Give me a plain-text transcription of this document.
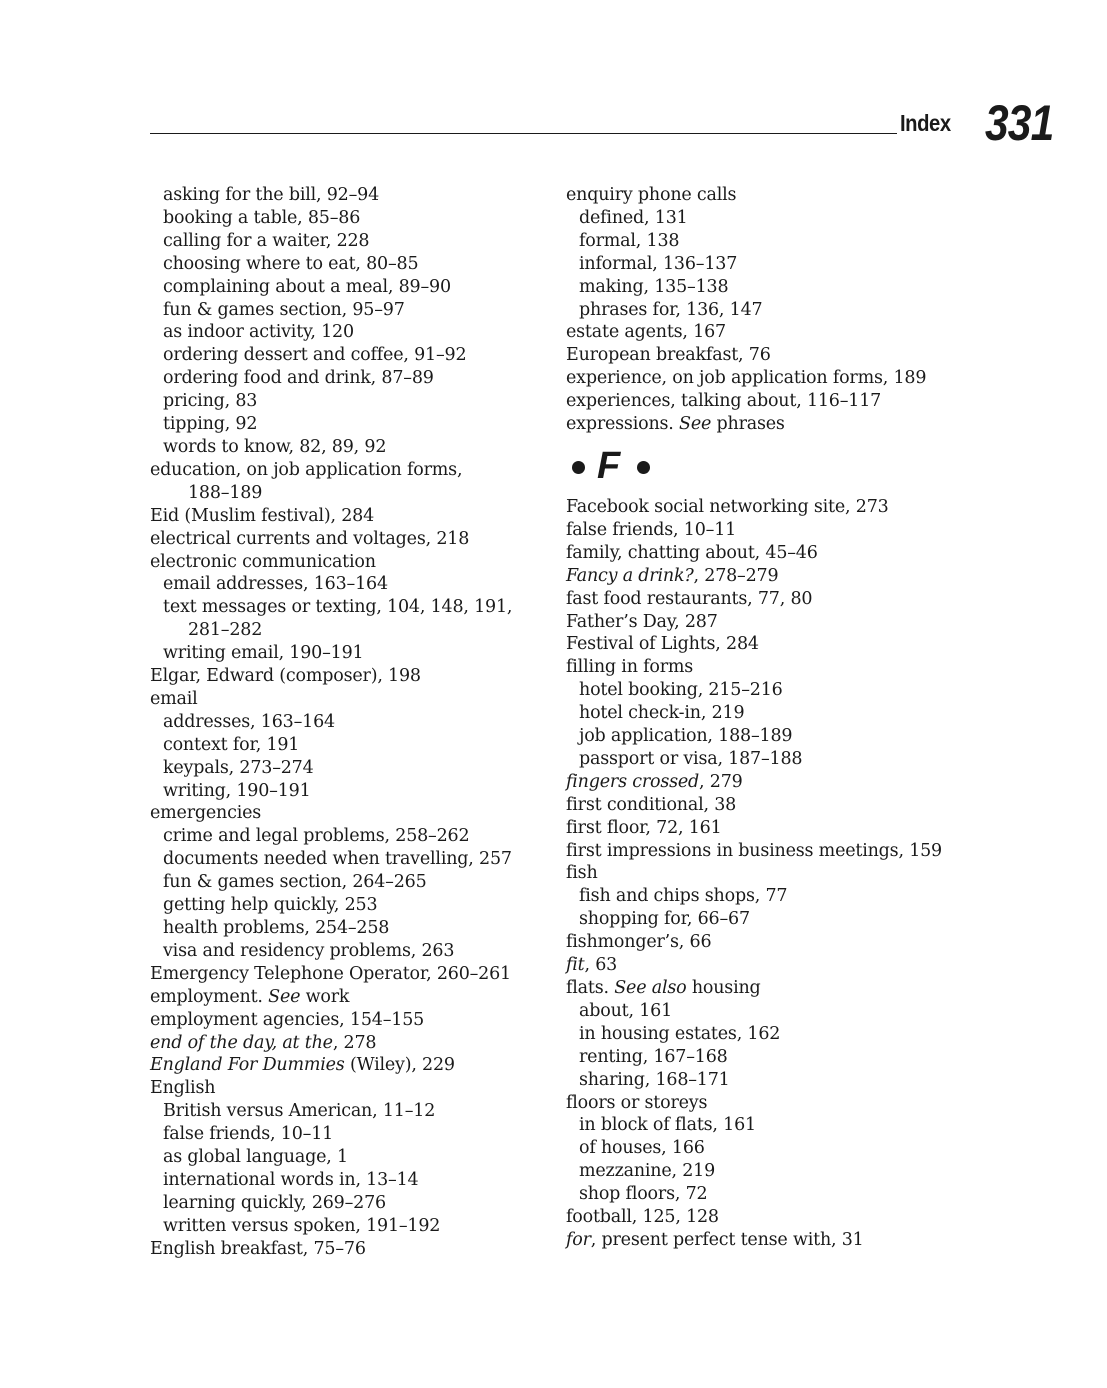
Index 331
asking for the bill, 92–94
booking a table, 85–86
calling for a waiter, 228
choosing where to eat, 80–85
complaining about a meal, 89–90
fun & games section, 95–97
as indoor activity, 120
ordering dessert and coffee, 91–92
ordering food and drink, 87–89
pricing, 83
tipping, 92
words to know, 82, 89, 92
education, on job application forms,
188–189
Eid (Muslim festival), 284
electrical currents and voltages, 218
electronic communication
email addresses, 163–164
text messages or texting, 104, 148, 191,
281–282
writing email, 190–191
Elgar, Edward (composer), 198
email
addresses, 163–164
context for, 191
keypals, 273–274
writing, 190–191
emergencies
crime and legal problems, 258–262
documents needed when travelling, 257
fun & games section, 264–265
getting help quickly, 253
health problems, 254–258
visa and residency problems, 263
Emergency Telephone Operator, 260–261
employment. See work
employment agencies, 154–155
end of the day, at the, 278
England For Dummies (Wiley), 229
English
British versus American, 11–12
false friends, 10–11
as global language, 1
international words in, 13–14
learning quickly, 269–276
written versus spoken, 191–192
English breakfast, 75–76
enquiry phone calls
defined, 131
formal, 138
informal, 136–137
making, 135–138
phrases for, 136, 147
estate agents, 167
European breakfast, 76
experience, on job application forms, 189
experiences, talking about, 116–117
expressions. See phrases
F
Facebook social networking site, 273
false friends, 10–11
family, chatting about, 45–46
Fancy a drink?, 278–279
fast food restaurants, 77, 80
Father’s Day, 287
Festival of Lights, 284
filling in forms
hotel booking, 215–216
hotel check-in, 219
job application, 188–189
passport or visa, 187–188
fingers crossed, 279
first conditional, 38
first floor, 72, 161
first impressions in business meetings, 159
fish
fish and chips shops, 77
shopping for, 66–67
fishmonger’s, 66
fit, 63
flats. See also housing
about, 161
in housing estates, 162
renting, 167–168
sharing, 168–171
floors or storeys
in block of flats, 161
of houses, 166
mezzanine, 219
shop floors, 72
football, 125, 128
for, present perfect tense with, 31
